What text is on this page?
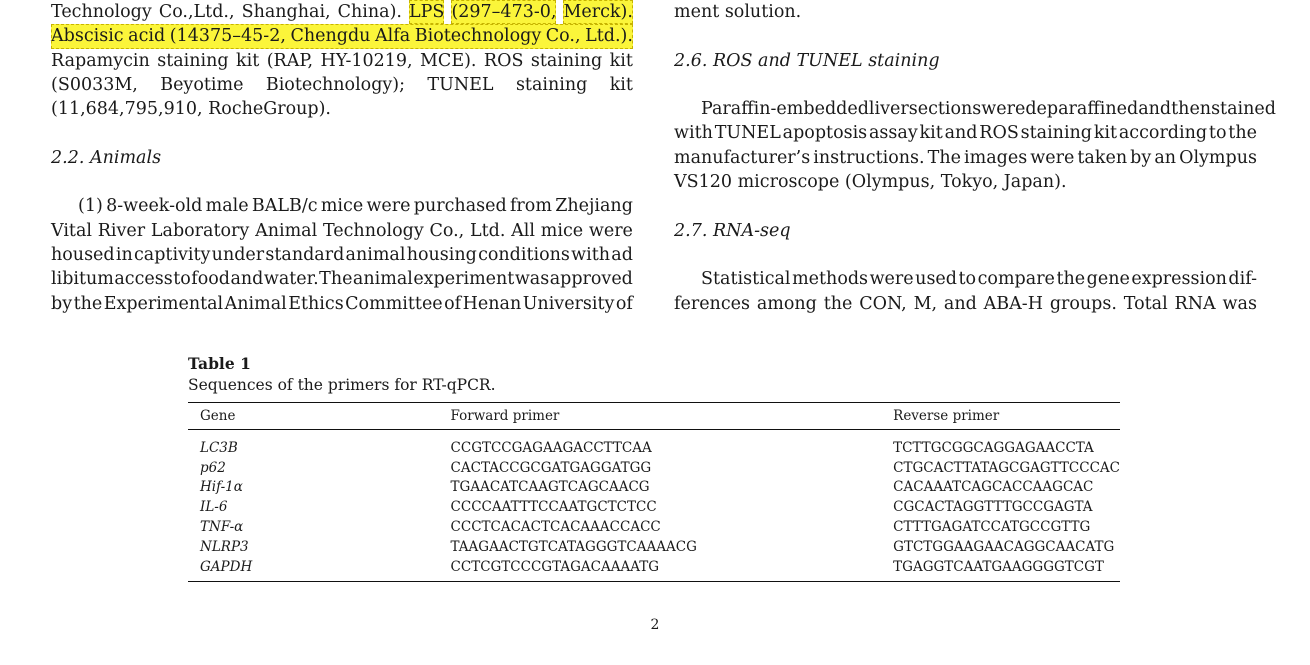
Technology Co.,Ltd., Shanghai, China). LPS (297–473-0, Merck).
Abscisic acid (14375–45-2, Chengdu Alfa Biotechnology Co., Ltd.).
Rapamycin staining kit (RAP, HY-10219, MCE). ROS staining kit
(S0033M, Beyotime Biotechnology); TUNEL staining kit
(11,684,795,910, RocheGroup).
2.2. Animals
(1) 8-week-old male BALB/c mice were purchased from Zhejiang
Vital River Laboratory Animal Technology Co., Ltd. All mice were
housed in captivity under standard animal housing conditions with ad
libitum access to food and water. The animal experiment was approved
by the Experimental Animal Ethics Committee of Henan University of
ment solution.
2.6. ROS and TUNEL staining
Paraffin-embedded liver sections were deparaffined and then stained
with TUNEL apoptosis assay kit and ROS staining kit according to the
manufacturer’s instructions. The images were taken by an Olympus
VS120 microscope (Olympus, Tokyo, Japan).
2.7. RNA-seq
Statistical methods were used to compare the gene expression dif-
ferences among the CON, M, and ABA-H groups. Total RNA was
Table 1
Sequences of the primers for RT-qPCR.
Gene	Forward primer	Reverse primer
LC3B	CCGTCCGAGAAGACCTTCAA	TCTTGCGGCAGGAGAACCTA
p62	CACTACCGCGATGAGGATGG	CTGCACTTATAGCGAGTTCCCAC
Hif-1α	TGAACATCAAGTCAGCAACG	CACAAATCAGCACCAAGCAC
IL-6	CCCCAATTTCCAATGCTCTCC	CGCACTAGGTTTGCCGAGTA
TNF-α	CCCTCACACTCACAAACCACC	CTTTGAGATCCATGCCGTTG
NLRP3	TAAGAACTGTCATAGGGTCAAAACG	GTCTGGAAGAACAGGCAACATG
GAPDH	CCTCGTCCCGTAGACAAAATG	TGAGGTCAATGAAGGGGTCGT
2
